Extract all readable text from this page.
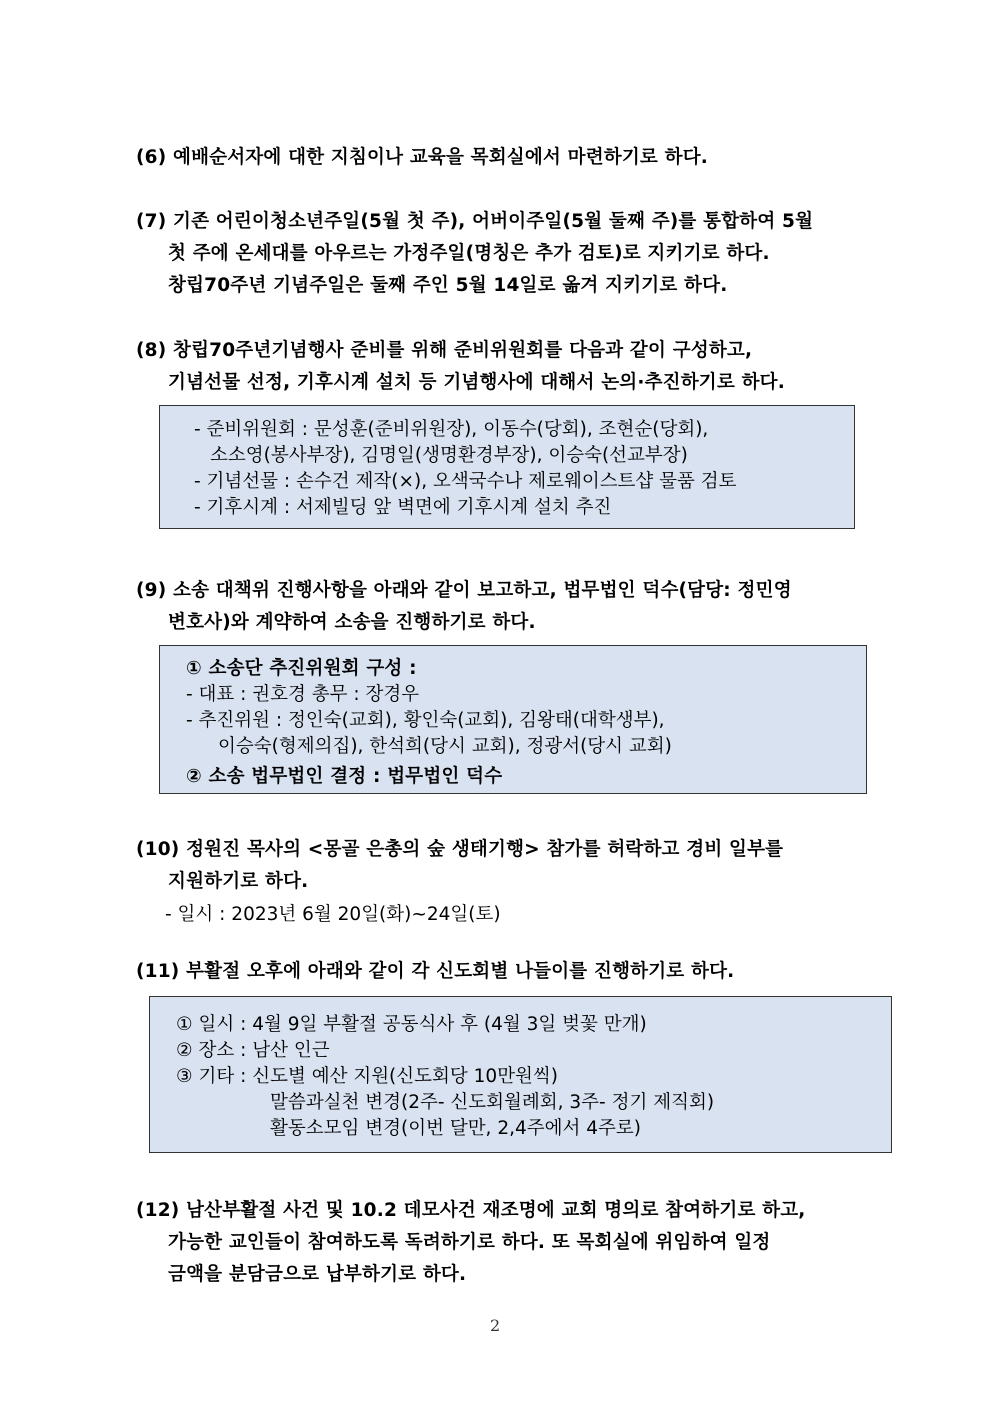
(6) 예배순서자에 대한 지침이나 교육을 목회실에서 마련하기로 하다.
(7) 기존 어린이청소년주일(5월 첫 주), 어버이주일(5월 둘째 주)를 통합하여 5월
첫 주에 온세대를 아우르는 가정주일(명칭은 추가 검토)로 지키기로 하다.
창립70주년 기념주일은 둘째 주인 5월 14일로 옮겨 지키기로 하다.
(8) 창립70주년기념행사 준비를 위해 준비위원회를 다음과 같이 구성하고,
기념선물 선정, 기후시계 설치 등 기념행사에 대해서 논의·추진하기로 하다.
- 준비위원회 : 문성훈(준비위원장), 이동수(당회), 조현순(당회),
소소영(봉사부장), 김명일(생명환경부장), 이승숙(선교부장)
- 기념선물 : 손수건 제작(×), 오색국수나 제로웨이스트샵 물품 검토
- 기후시계 : 서제빌딩 앞 벽면에 기후시계 설치 추진
(9) 소송 대책위 진행사항을 아래와 같이 보고하고, 법무법인 덕수(담당: 정민영
변호사)와 계약하여 소송을 진행하기로 하다.
① 소송단 추진위원회 구성 :
- 대표 : 권호경 총무 : 장경우
- 추진위원 : 정인숙(교회), 황인숙(교회), 김왕태(대학생부),
이승숙(형제의집), 한석희(당시 교회), 정광서(당시 교회)
② 소송 법무법인 결정 : 법무법인 덕수
(10) 정원진 목사의 <몽골 은총의 숲 생태기행> 참가를 허락하고 경비 일부를
지원하기로 하다.
- 일시 : 2023년 6월 20일(화)~24일(토)
(11) 부활절 오후에 아래와 같이 각 신도회별 나들이를 진행하기로 하다.
① 일시 : 4월 9일 부활절 공동식사 후 (4월 3일 벚꽃 만개)
② 장소 : 남산 인근
③ 기타 : 신도별 예산 지원(신도회당 10만원씩)
말씀과실천 변경(2주- 신도회월례회, 3주- 정기 제직회)
활동소모임 변경(이번 달만, 2,4주에서 4주로)
(12) 남산부활절 사건 및 10.2 데모사건 재조명에 교회 명의로 참여하기로 하고,
가능한 교인들이 참여하도록 독려하기로 하다. 또 목회실에 위임하여 일정
금액을 분담금으로 납부하기로 하다.
2
